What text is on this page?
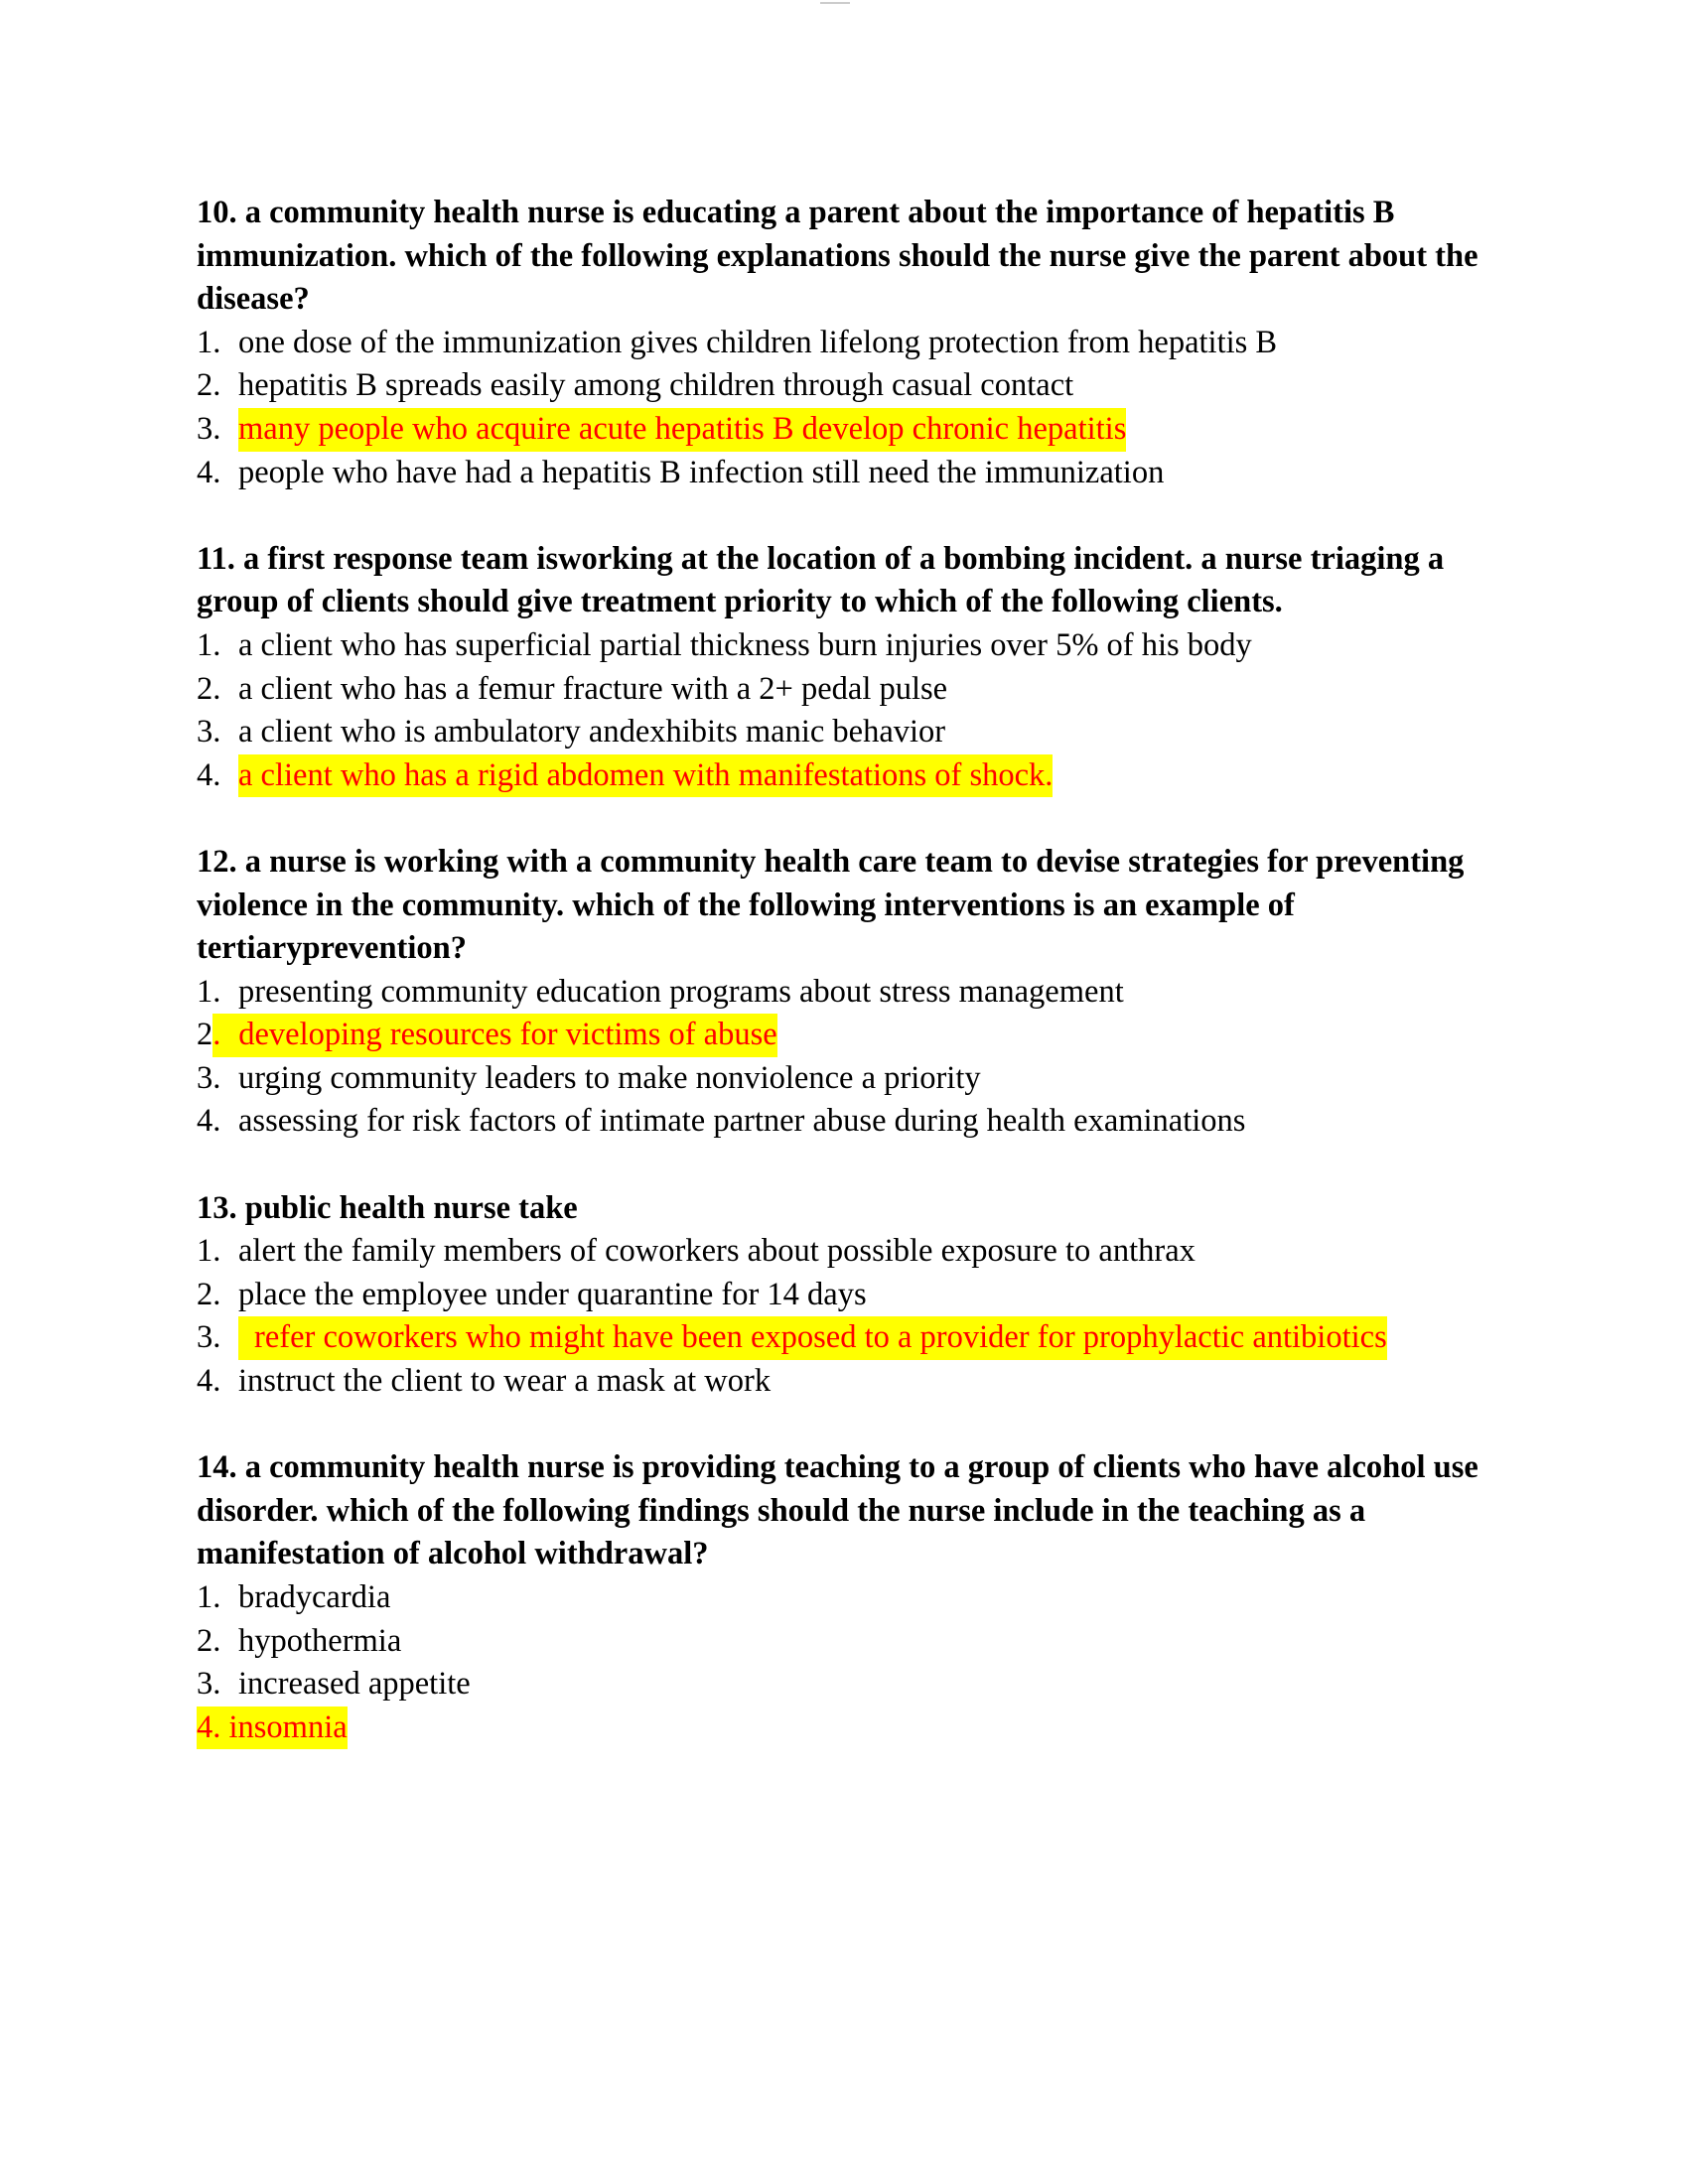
10. a community health nurse is educating a parent about the importance of hepatitis B immunization. which of the following explanations should the nurse give the parent about the disease?
1. one dose of the immunization gives children lifelong protection from hepatitis B
2. hepatitis B spreads easily among children through casual contact
3. many people who acquire acute hepatitis B develop chronic hepatitis
4. people who have had a hepatitis B infection still need the immunization
11. a first response team isworking at the location of a bombing incident. a nurse triaging a group of clients should give treatment priority to which of the following clients.
1. a client who has superficial partial thickness burn injuries over 5% of his body
2. a client who has a femur fracture with a 2+ pedal pulse
3. a client who is ambulatory andexhibits manic behavior
4. a client who has a rigid abdomen with manifestations of shock.
12. a nurse is working with a community health care team to devise strategies for preventing violence in the community. which of the following interventions is an example of tertiaryprevention?
1. presenting community education programs about stress management
2 . developing resources for victims of abuse
3. urging community leaders to make nonviolence a priority
4. assessing for risk factors of intimate partner abuse during health examinations
13. public health nurse take
1. alert the family members of coworkers about possible exposure to anthrax
2. place the employee under quarantine for 14 days
3.	refer coworkers who might have been exposed to a provider for prophylactic antibiotics
4. instruct the client to wear a mask at work
14. a community health nurse is providing teaching to a group of clients who have alcohol use disorder. which of the following findings should the nurse include in the teaching as a manifestation of alcohol withdrawal?
1. bradycardia
2. hypothermia
3. increased appetite
4.
insomnia
